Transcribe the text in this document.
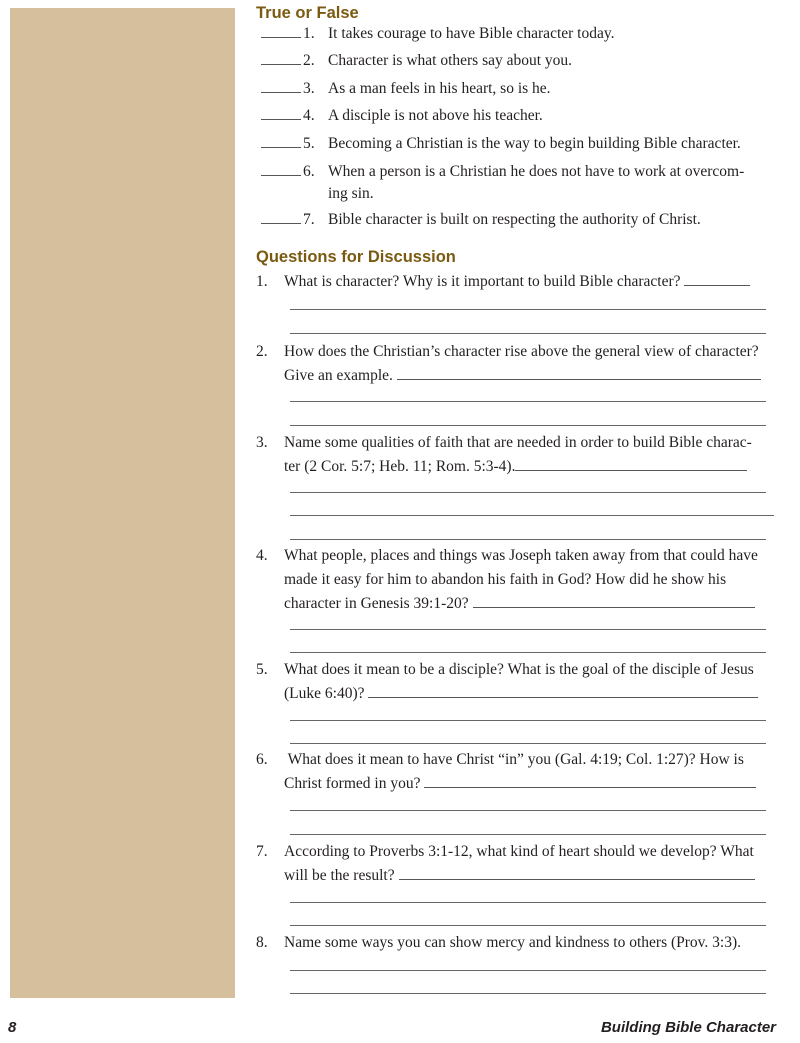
True or False
1. It takes courage to have Bible character today.
2. Character is what others say about you.
3. As a man feels in his heart, so is he.
4. A disciple is not above his teacher.
5. Becoming a Christian is the way to begin building Bible character.
6. When a person is a Christian he does not have to work at overcom-ing sin.
7. Bible character is built on respecting the authority of Christ.
Questions for Discussion
1. What is character? Why is it important to build Bible character?
2. How does the Christian’s character rise above the general view of character?
Give an example.
3. Name some qualities of faith that are needed in order to build Bible charac-
ter (2 Cor. 5:7; Heb. 11; Rom. 5:3-4).
4. What people, places and things was Joseph taken away from that could have
made it easy for him to abandon his faith in God? How did he show his
character in Genesis 39:1-20?
5. What does it mean to be a disciple? What is the goal of the disciple of Jesus
(Luke 6:40)?
6. What does it mean to have Christ “in” you (Gal. 4:19; Col. 1:27)? How is
Christ formed in you?
7. According to Proverbs 3:1-12, what kind of heart should we develop? What
will be the result?
8. Name some ways you can show mercy and kindness to others (Prov. 3:3).
8	Building Bible Character
